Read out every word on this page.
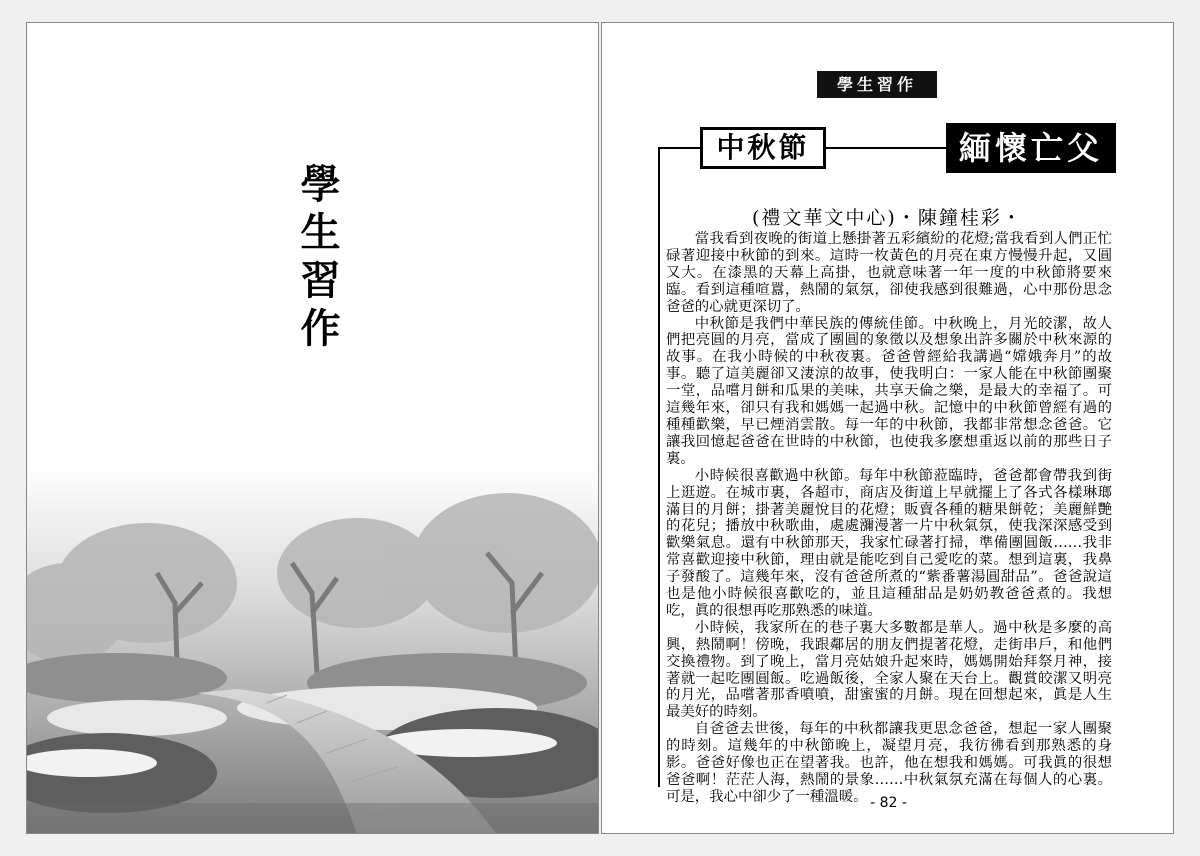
學生習作
學生習作
中秋節	緬懷亡父
(禮文華文中心)・陳鐘桂彩・

當我看到夜晚的街道上懸掛著五彩繽紛的花燈;當我看到人們正忙碌著迎接中秋節的到來。這時一枚黃色的月亮在東方慢慢升起，又圓又大。在漆黑的天幕上高掛，也就意味著一年一度的中秋節將要來臨。看到這種喧囂，熱鬧的氣氛，卻使我感到很難過，心中那份思念爸爸的心就更深切了。

中秋節是我們中華民族的傳統佳節。中秋晚上，月光皎潔，故人們把亮圓的月亮，當成了團圓的象徵以及想象出許多關於中秋來源的故事。在我小時候的中秋夜裏。爸爸曾經給我講過“嫦娥奔月”的故事。聽了這美麗卻又淒涼的故事，使我明白：一家人能在中秋節團聚一堂，品嚐月餅和瓜果的美味，共享天倫之樂，是最大的幸福了。可這幾年來，卻只有我和媽媽一起過中秋。記憶中的中秋節曾經有過的種種歡樂，早已煙消雲散。每一年的中秋節，我都非常想念爸爸。它讓我回憶起爸爸在世時的中秋節，也使我多麽想重返以前的那些日子裏。

小時候很喜歡過中秋節。每年中秋節蒞臨時，爸爸都會帶我到街上逛遊。在城市裏，各超市，商店及街道上早就擺上了各式各樣琳瑯滿目的月餅；掛著美麗悅目的花燈；販賣各種的糖果餅乾；美麗鮮艷的花兒；播放中秋歌曲，處處瀰漫著一片中秋氣氛，使我深深感受到歡樂氣息。還有中秋節那天，我家忙碌著打掃，準備團圓飯……我非常喜歡迎接中秋節，理由就是能吃到自己愛吃的菜。想到這裏，我鼻子發酸了。這幾年來，沒有爸爸所煮的“紫番薯湯圓甜品”。爸爸說這也是他小時候很喜歡吃的，並且這種甜品是奶奶教爸爸煮的。我想吃，眞的很想再吃那熟悉的味道。

小時候，我家所在的巷子裏大多數都是華人。過中秋是多麼的高興，熱鬧啊！傍晚，我跟鄰居的朋友們提著花燈，走街串戶，和他們交換禮物。到了晚上，當月亮姑娘升起來時，媽媽開始拜祭月神，接著就一起吃團圓飯。吃過飯後，全家人聚在天台上。觀賞皎潔又明亮的月光，品嚐著那香噴噴，甜蜜蜜的月餅。現在回想起來，眞是人生最美好的時刻。

自爸爸去世後，每年的中秋都讓我更思念爸爸，想起一家人團聚的時刻。這幾年的中秋節晚上，凝望月亮，我彷彿看到那熟悉的身影。爸爸好像也正在望著我。也許，他在想我和媽媽。可我眞的很想爸爸啊！茫茫人海，熱鬧的景象……中秋氣氛充滿在每個人的心裏。可是，我心中卻少了一種溫暖。 - 82 -
